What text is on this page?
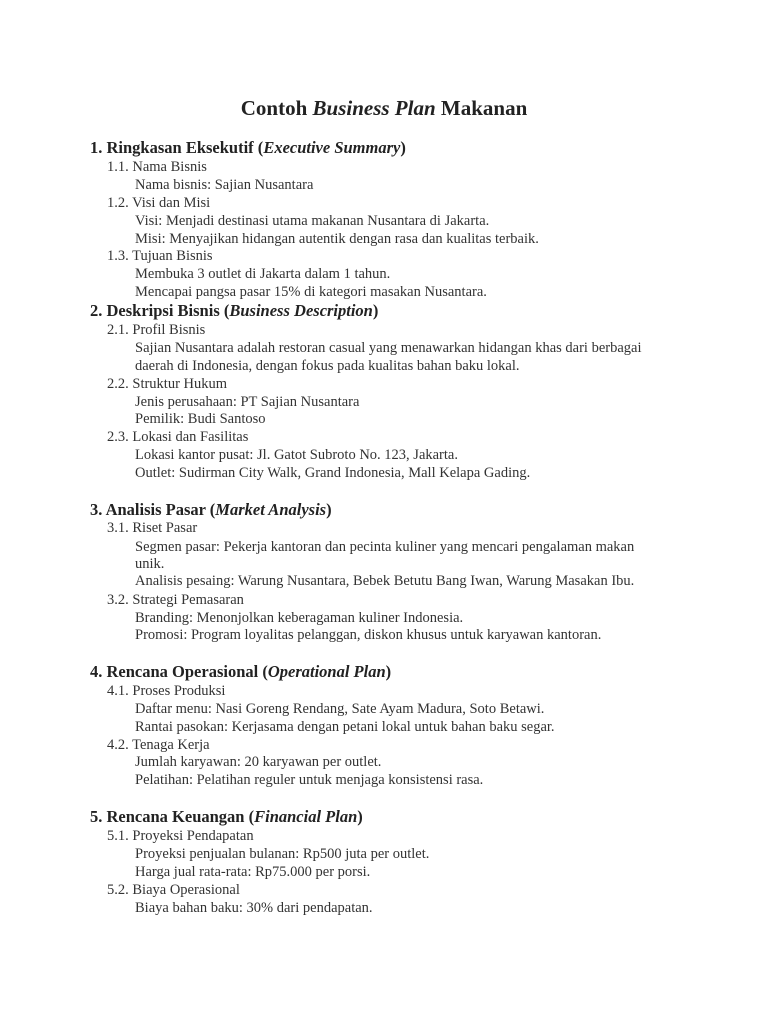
Contoh Business Plan Makanan
1. Ringkasan Eksekutif (Executive Summary)
1.1. Nama Bisnis
Nama bisnis: Sajian Nusantara
1.2. Visi dan Misi
Visi: Menjadi destinasi utama makanan Nusantara di Jakarta.
Misi: Menyajikan hidangan autentik dengan rasa dan kualitas terbaik.
1.3. Tujuan Bisnis
Membuka 3 outlet di Jakarta dalam 1 tahun.
Mencapai pangsa pasar 15% di kategori masakan Nusantara.
2. Deskripsi Bisnis (Business Description)
2.1. Profil Bisnis
Sajian Nusantara adalah restoran casual yang menawarkan hidangan khas dari berbagai
daerah di Indonesia, dengan fokus pada kualitas bahan baku lokal.
2.2. Struktur Hukum
Jenis perusahaan: PT Sajian Nusantara
Pemilik: Budi Santoso
2.3. Lokasi dan Fasilitas
Lokasi kantor pusat: Jl. Gatot Subroto No. 123, Jakarta.
Outlet: Sudirman City Walk, Grand Indonesia, Mall Kelapa Gading.
3. Analisis Pasar (Market Analysis)
3.1. Riset Pasar
Segmen pasar: Pekerja kantoran dan pecinta kuliner yang mencari pengalaman makan
unik.
Analisis pesaing: Warung Nusantara, Bebek Betutu Bang Iwan, Warung Masakan Ibu.
3.2. Strategi Pemasaran
Branding: Menonjolkan keberagaman kuliner Indonesia.
Promosi: Program loyalitas pelanggan, diskon khusus untuk karyawan kantoran.
4. Rencana Operasional (Operational Plan)
4.1. Proses Produksi
Daftar menu: Nasi Goreng Rendang, Sate Ayam Madura, Soto Betawi.
Rantai pasokan: Kerjasama dengan petani lokal untuk bahan baku segar.
4.2. Tenaga Kerja
Jumlah karyawan: 20 karyawan per outlet.
Pelatihan: Pelatihan reguler untuk menjaga konsistensi rasa.
5. Rencana Keuangan (Financial Plan)
5.1. Proyeksi Pendapatan
Proyeksi penjualan bulanan: Rp500 juta per outlet.
Harga jual rata-rata: Rp75.000 per porsi.
5.2. Biaya Operasional
Biaya bahan baku: 30% dari pendapatan.
